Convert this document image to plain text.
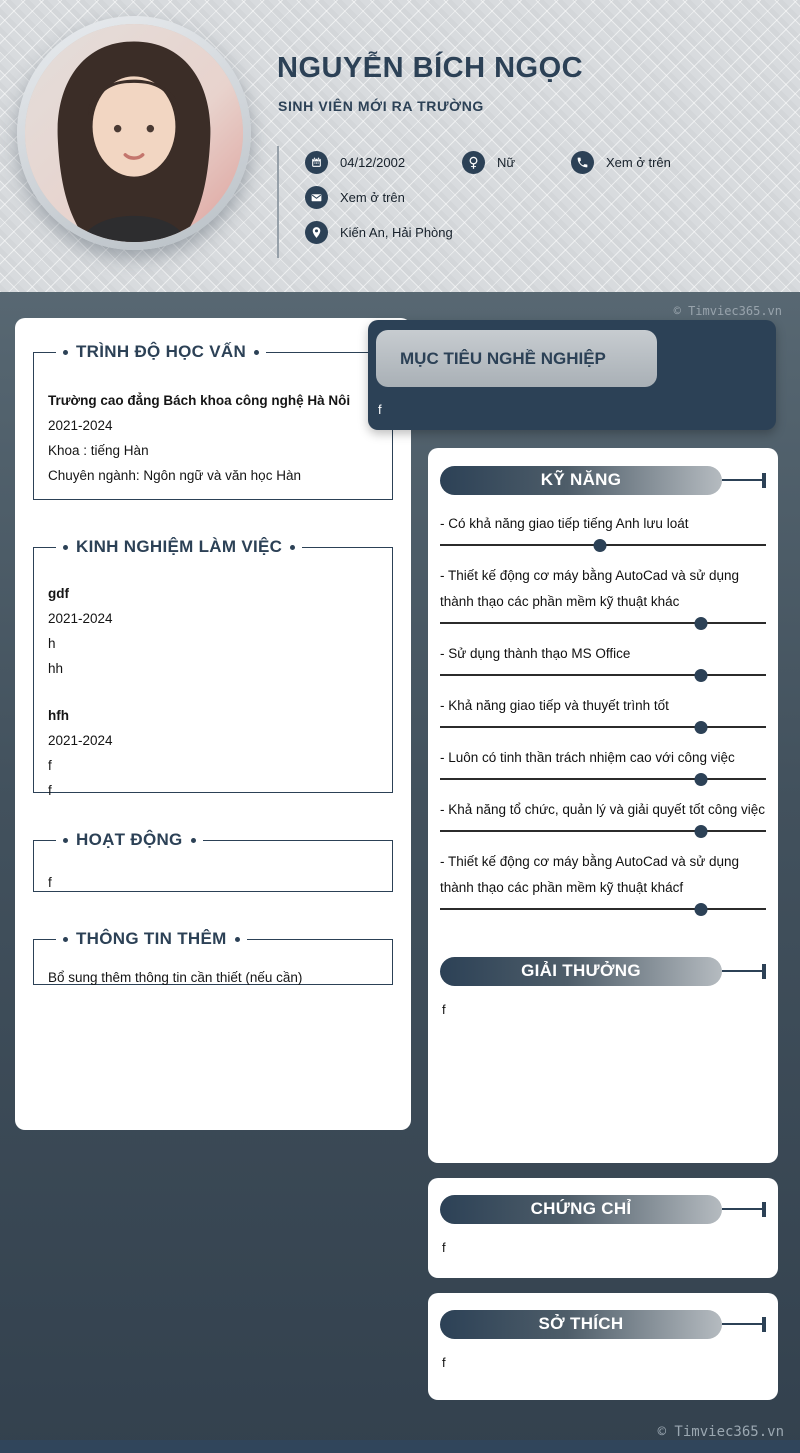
NGUYỄN BÍCH NGỌC
SINH VIÊN MỚI RA TRƯỜNG
04/12/2002	♀ Nữ	Xem ở trên
Xem ở trên
Kiến An, Hải Phòng
© Timviec365.vn
TRÌNH ĐỘ HỌC VẤN
Trường cao đẳng Bách khoa công nghệ Hà Nôi
2021-2024
Khoa : tiếng Hàn
Chuyên ngành: Ngôn ngữ và văn học Hàn
KINH NGHIỆM LÀM VIỆC
gdf
2021-2024
h
hh
hfh
2021-2024
f
f
HOẠT ĐỘNG
f
THÔNG TIN THÊM
Bổ sung thêm thông tin cần thiết (nếu cần)
MỤC TIÊU NGHỀ NGHIỆP
f
KỸ NĂNG
- Có khả năng giao tiếp tiếng Anh lưu loát
- Thiết kế động cơ máy bằng AutoCad và sử dụng thành thạo các phần mềm kỹ thuật khác
- Sử dụng thành thạo MS Office
- Khả năng giao tiếp và thuyết trình tốt
- Luôn có tinh thần trách nhiệm cao với công việc
- Khả năng tổ chức, quản lý và giải quyết tốt công việc
- Thiết kế động cơ máy bằng AutoCad và sử dụng thành thạo các phần mềm kỹ thuật khácf
GIẢI THƯỞNG
f
CHỨNG CHỈ
f
SỞ THÍCH
f
© Timviec365.vn
